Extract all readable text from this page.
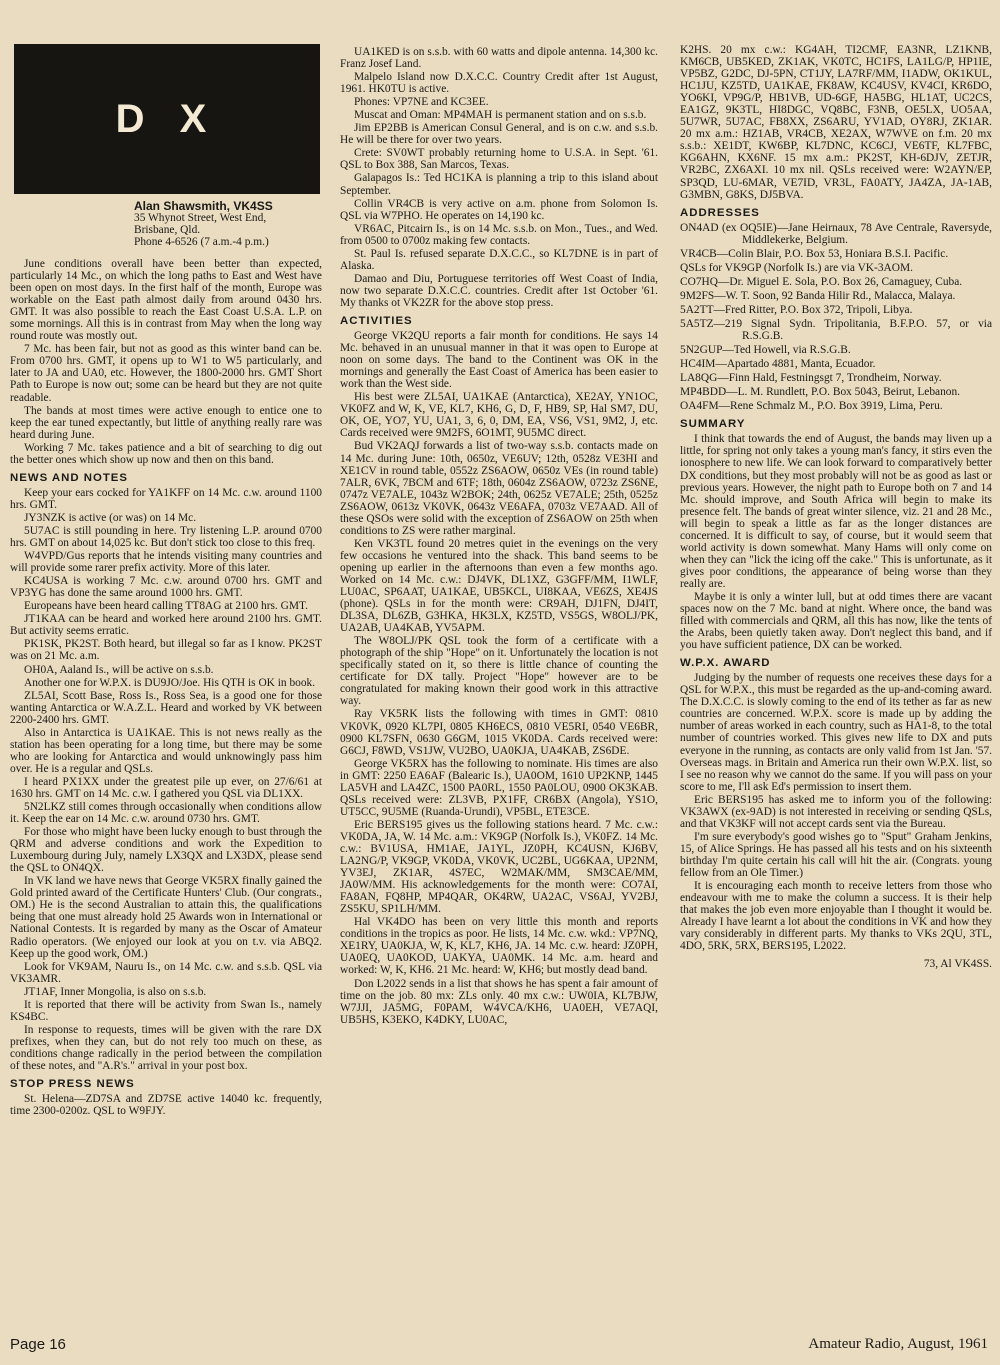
D X
Alan Shawsmith, VK4SS
35 Whynot Street, West End,
Brisbane, Qld.
Phone 4-6526 (7 a.m.-4 p.m.)

June conditions overall have been better than expected, particularly 14 Mc., on which the long paths to East and West have been open on most days. In the first half of the month, Europe was workable on the East path almost daily from around 0430 hrs. GMT. It was also possible to reach the East Coast U.S.A. L.P. on some mornings. All this is in contrast from May when the long way round route was mostly out.

7 Mc. has been fair, but not as good as this winter band can be. From 0700 hrs. GMT, it opens up to W1 to W5 particularly, and later to JA and UA0, etc. However, the 1800-2000 hrs. GMT Short Path to Europe is now out; some can be heard but they are not quite readable.

The bands at most times were active enough to entice one to keep the ear tuned expectantly, but little of anything really rare was heard during June.

Working 7 Mc. takes patience and a bit of searching to dig out the better ones which show up now and then on this band.

NEWS AND NOTES

Keep your ears cocked for YA1KFF on 14 Mc. c.w. around 1100 hrs. GMT.

JY3NZK is active (or was) on 14 Mc.

5U7AC is still pounding in here. Try listening L.P. around 0700 hrs. GMT on about 14,025 kc. But don't stick too close to this freq.

W4VPD/Gus reports that he intends visiting many countries and will provide some rarer prefix activity. More of this later.

KC4USA is working 7 Mc. c.w. around 0700 hrs. GMT and VP3YG has done the same around 1000 hrs. GMT.

Europeans have been heard calling TT8AG at 2100 hrs. GMT.

JT1KAA can be heard and worked here around 2100 hrs. GMT. But activity seems erratic.

PK1SK, PK2ST. Both heard, but illegal so far as I know. PK2ST was on 21 Mc. a.m.

OH0A, Aaland Is., will be active on s.s.b.

Another one for W.P.X. is DU9JO/Joe. His QTH is OK in book.

ZL5AI, Scott Base, Ross Is., Ross Sea, is a good one for those wanting Antarctica or W.A.Z.L. Heard and worked by VK between 2200-2400 hrs. GMT.

Also in Antarctica is UA1KAE. This is not news really as the station has been operating for a long time, but there may be some who are looking for Antarctica and would unknowingly pass him over. He is a regular and QSLs.

I heard PX1XX under the greatest pile up ever, on 27/6/61 at 1630 hrs. GMT on 14 Mc. c.w. I gathered you QSL via DL1XX.

5N2LKZ still comes through occasionally when conditions allow it. Keep the ear on 14 Mc. c.w. around 0730 hrs. GMT.

For those who might have been lucky enough to bust through the QRM and adverse conditions and work the Expedition to Luxembourg during July, namely LX3QX and LX3DX, please send the QSL to ON4QX.

In VK land we have news that George VK5RX finally gained the Gold printed award of the Certificate Hunters' Club. (Our congrats., OM.) He is the second Australian to attain this, the qualifications being that one must already hold 25 Awards won in International or National Contests. It is regarded by many as the Oscar of Amateur Radio operators. (We enjoyed our look at you on t.v. via ABQ2. Keep up the good work, OM.)

Look for VK9AM, Nauru Is., on 14 Mc. c.w. and s.s.b. QSL via VK3AMR.

JT1AF, Inner Mongolia, is also on s.s.b.

It is reported that there will be activity from Swan Is., namely KS4BC.

In response to requests, times will be given with the rare DX prefixes, when they can, but do not rely too much on these, as conditions change radically in the period between the compilation of these notes, and "A.R's." arrival in your post box.

STOP PRESS NEWS

St. Helena—ZD7SA and ZD7SE active 14040 kc. frequently, time 2300-0200z. QSL to W9FJY.

UA1KED is on s.s.b. with 60 watts and dipole antenna. 14,300 kc. Franz Josef Land.

Malpelo Island now D.X.C.C. Country Credit after 1st August, 1961. HK0TU is active.

Phones: VP7NE and KC3EE.

Muscat and Oman: MP4MAH is permanent station and on s.s.b.

Jim EP2BB is American Consul General, and is on c.w. and s.s.b. He will be there for over two years.

Crete: SV0WT probably returning home to U.S.A. in Sept. '61. QSL to Box 388, San Marcos, Texas.

Galapagos Is.: Ted HC1KA is planning a trip to this island about September.

Collin VR4CB is very active on a.m. phone from Solomon Is. QSL via W7PHO. He operates on 14,190 kc.

VR6AC, Pitcairn Is., is on 14 Mc. s.s.b. on Mon., Tues., and Wed. from 0500 to 0700z making few contacts.

St. Paul Is. refused separate D.X.C.C., so KL7DNE is in part of Alaska.

Damao and Diu, Portuguese territories off West Coast of India, now two separate D.X.C.C. countries. Credit after 1st October '61. My thanks ot VK2ZR for the above stop press.

ACTIVITIES

George VK2QU reports a fair month for conditions. He says 14 Mc. behaved in an unusual manner in that it was open to Europe at noon on some days. The band to the Continent was OK in the mornings and generally the East Coast of America has been easier to work than the West side.

His best were ZL5AI, UA1KAE (Antarctica), XE2AY, YN1OC, VK0FZ and W, K, VE, KL7, KH6, G, D, F, HB9, SP, Hal SM7, DU, OK, OE, YO7, YU, UA1, 3, 6, 0, DM, EA, VS6, VS1, 9M2, J, etc. Cards received were 9M2FS, 6O1MT, 9U5MC direct.

Bud VK2AQJ forwards a list of two-way s.s.b. contacts made on 14 Mc. during June: 10th, 0650z, VE6UV; 12th, 0528z VE3HI and XE1CV in round table, 0552z ZS6AOW, 0650z VEs (in round table) 7ALR, 6VK, 7BCM and 6TF; 18th, 0604z ZS6AOW, 0723z ZS6NE, 0747z VE7ALE, 1043z W2BOK; 24th, 0625z VE7ALE; 25th, 0525z ZS6AOW, 0613z VK0VK, 0643z VE6AFA, 0703z VE7AAD. All of these QSOs were solid with the exception of ZS6AOW on 25th when conditions to ZS were rather marginal.

Ken VK3TL found 20 metres quiet in the evenings on the very few occasions he ventured into the shack. This band seems to be opening up earlier in the afternoons than even a few months ago. Worked on 14 Mc. c.w.: DJ4VK, DL1XZ, G3GFF/MM, I1WLF, LU0AC, SP6AAT, UA1KAE, UB5KCL, UI8KAA, VE6ZS, XE4JS (phone). QSLs in for the month were: CR9AH, DJ1FN, DJ4IT, DL3SA, DL6ZB, G3HKA, HK3LX, KZ5TD, VS5GS, W8OLJ/PK, UA2AB, UA4KAB, YV5APM.

The W8OLJ/PK QSL took the form of a certificate with a photograph of the ship "Hope" on it. Unfortunately the location is not specifically stated on it, so there is little chance of counting the certificate for DX tally. Project "Hope" however are to be congratulated for making known their good work in this attractive way.

Ray VK5RK lists the following with times in GMT: 0810 VK0VK, 0920 KL7PI, 0805 KH6ECS, 0810 VE5RI, 0540 VE6BR, 0900 KL7SFN, 0630 G6GM, 1015 VK0DA. Cards received were: G6CJ, F8WD, VS1JW, VU2BO, UA0KJA, UA4KAB, ZS6DE.

George VK5RX has the following to nominate. His times are also in GMT: 2250 EA6AF (Balearic Is.), UA0OM, 1610 UP2KNP, 1445 LA5VH and LA4ZC, 1500 PA0RL, 1550 PA0LOU, 0900 OK3KAB. QSLs received were: ZL3VB, PX1FF, CR6BX (Angola), YS1O, UT5CC, 9U5ME (Ruanda-Urundi), VP5BL, ETE3CE.

Eric BERS195 gives us the following stations heard. 7 Mc. c.w.: VK0DA, JA, W. 14 Mc. a.m.: VK9GP (Norfolk Is.), VK0FZ. 14 Mc. c.w.: BV1USA, HM1AE, JA1YL, JZ0PH, KC4USN, KJ6BV, LA2NG/P, VK9GP, VK0DA, VK0VK, UC2BL, UG6KAA, UP2NM, YV3EJ, ZK1AR, 4S7EC, W2MAK/MM, SM3CAE/MM, JA0W/MM. His acknowledgements for the month were: CO7AI, FA8AN, FQ8HP, MP4QAR, OK4RW, UA2AC, VS6AJ, YV2BJ, ZS5KU, SP1LH/MM.

Hal VK4DO has been on very little this month and reports conditions in the tropics as poor. He lists, 14 Mc. c.w. wkd.: VP7NQ, XE1RY, UA0KJA, W, K, KL7, KH6, JA. 14 Mc. c.w. heard: JZ0PH, UA0EQ, UA0KOD, UAKYA, UA0MK. 14 Mc. a.m. heard and worked: W, K, KH6. 21 Mc. heard: W, KH6; but mostly dead band.

Don L2022 sends in a list that shows he has spent a fair amount of time on the job. 80 mx: ZLs only. 40 mx c.w.: UW0IA, KL7BJW, W7JJI, JA5MG, F0PAM, W4VCA/KH6, UA0EH, VE7AQI, UB5HS, K3EKO, K4DKY, LU0AC,

K2HS. 20 mx c.w.: KG4AH, TI2CMF, EA3NR, LZ1KNB, KM6CB, UB5KED, ZK1AK, VK0TC, HC1FS, LA1LG/P, HP1IE, VP5BZ, G2DC, DJ-5PN, CT1JY, LA7RF/MM, I1ADW, OK1KUL, HC1JU, KZ5TD, UA1KAE, FK8AW, KC4USV, KV4CI, KR6DO, YO6KI, VP9G/P, HB1VB, UD-6GF, HA5BG, HL1AT, UC2CS, EA1GZ, 9K3TL, HI8DGC, VQ8BC, F3NB, OE5LX, UO5AA, 5U7WR, 5U7AC, FB8XX, ZS6ARU, YV1AD, OY8RJ, ZK1AR. 20 mx a.m.: HZ1AB, VR4CB, XE2AX, W7WVE on f.m. 20 mx s.s.b.: XE1DT, KW6BP, KL7DNC, KC6CJ, VE6TF, KL7FBC, KG6AHN, KX6NF. 15 mx a.m.: PK2ST, KH-6DJV, ZETJR, VR2BC, ZX6AXI. 10 mx nil. QSLs received were: W2AYN/EP, SP3QD, LU-6MAR, VE7ID, VR3L, FA0ATY, JA4ZA, JA-1AB, G3MBN, G8KS, DJ5BVA.

ADDRESSES

ON4AD (ex OQ5IE)—Jane Heirnaux, 78 Ave Centrale, Raversyde, Middlekerke, Belgium.

VR4CB—Colin Blair, P.O. Box 53, Honiara B.S.I. Pacific.

QSLs for VK9GP (Norfolk Is.) are via VK-3AOM.

CO7HQ—Dr. Miguel E. Sola, P.O. Box 26, Camaguey, Cuba.

9M2FS—W. T. Soon, 92 Banda Hilir Rd., Malacca, Malaya.

5A2TT—Fred Ritter, P.O. Box 372, Tripoli, Libya.

5A5TZ—219 Signal Sydn. Tripolitania, B.F.P.O. 57, or via R.S.G.B.

5N2GUP—Ted Howell, via R.S.G.B.

HC4IM—Apartado 4881, Manta, Ecuador.

LA8QG—Finn Hald, Festningsgt 7, Trondheim, Norway.

MP4BDD—L. M. Rundlett, P.O. Box 5043, Beirut, Lebanon.

OA4FM—Rene Schmalz M., P.O. Box 3919, Lima, Peru.

SUMMARY

I think that towards the end of August, the bands may liven up a little, for spring not only takes a young man's fancy, it stirs even the ionosphere to new life. We can look forward to comparatively better DX conditions, but they most probably will not be as good as last or previous years. However, the night path to Europe both on 7 and 14 Mc. should improve, and South Africa will begin to make its presence felt. The bands of great winter silence, viz. 21 and 28 Mc., will begin to speak a little as far as the longer distances are concerned. It is difficult to say, of course, but it would seem that world activity is down somewhat. Many Hams will only come on when they can "lick the icing off the cake." This is unfortunate, as it gives poor conditions, the appearance of being worse than they really are.

Maybe it is only a winter lull, but at odd times there are vacant spaces now on the 7 Mc. band at night. Where once, the band was filled with commercials and QRM, all this has now, like the tents of the Arabs, been quietly taken away. Don't neglect this band, and if you have sufficient patience, DX can be worked.

W.P.X. AWARD

Judging by the number of requests one receives these days for a QSL for W.P.X., this must be regarded as the up-and-coming award. The D.X.C.C. is slowly coming to the end of its tether as far as new countries are concerned. W.P.X. score is made up by adding the number of areas worked in each country, such as HA1-8, to the total number of countries worked. This gives new life to DX and puts everyone in the running, as contacts are only valid from 1st Jan. '57. Overseas mags. in Britain and America run their own W.P.X. list, so I see no reason why we cannot do the same. If you will pass on your score to me, I'll ask Ed's permission to insert them.

Eric BERS195 has asked me to inform you of the following: VK3AWX (ex-9AD) is not interested in receiving or sending QSLs, and that VK3KF will not accept cards sent via the Bureau.

I'm sure everybody's good wishes go to "Sput" Graham Jenkins, 15, of Alice Springs. He has passed all his tests and on his sixteenth birthday I'm quite certain his call will hit the air. (Congrats. young fellow from an Ole Timer.)

It is encouraging each month to receive letters from those who endeavour with me to make the column a success. It is their help that makes the job even more enjoyable than I thought it would be. Already I have learnt a lot about the conditions in VK and how they vary considerably in different parts. My thanks to VKs 2QU, 3TL, 4DO, 5RK, 5RX, BERS195, L2022.

73, Al VK4SS.
Page 16	Amateur Radio, August, 1961
